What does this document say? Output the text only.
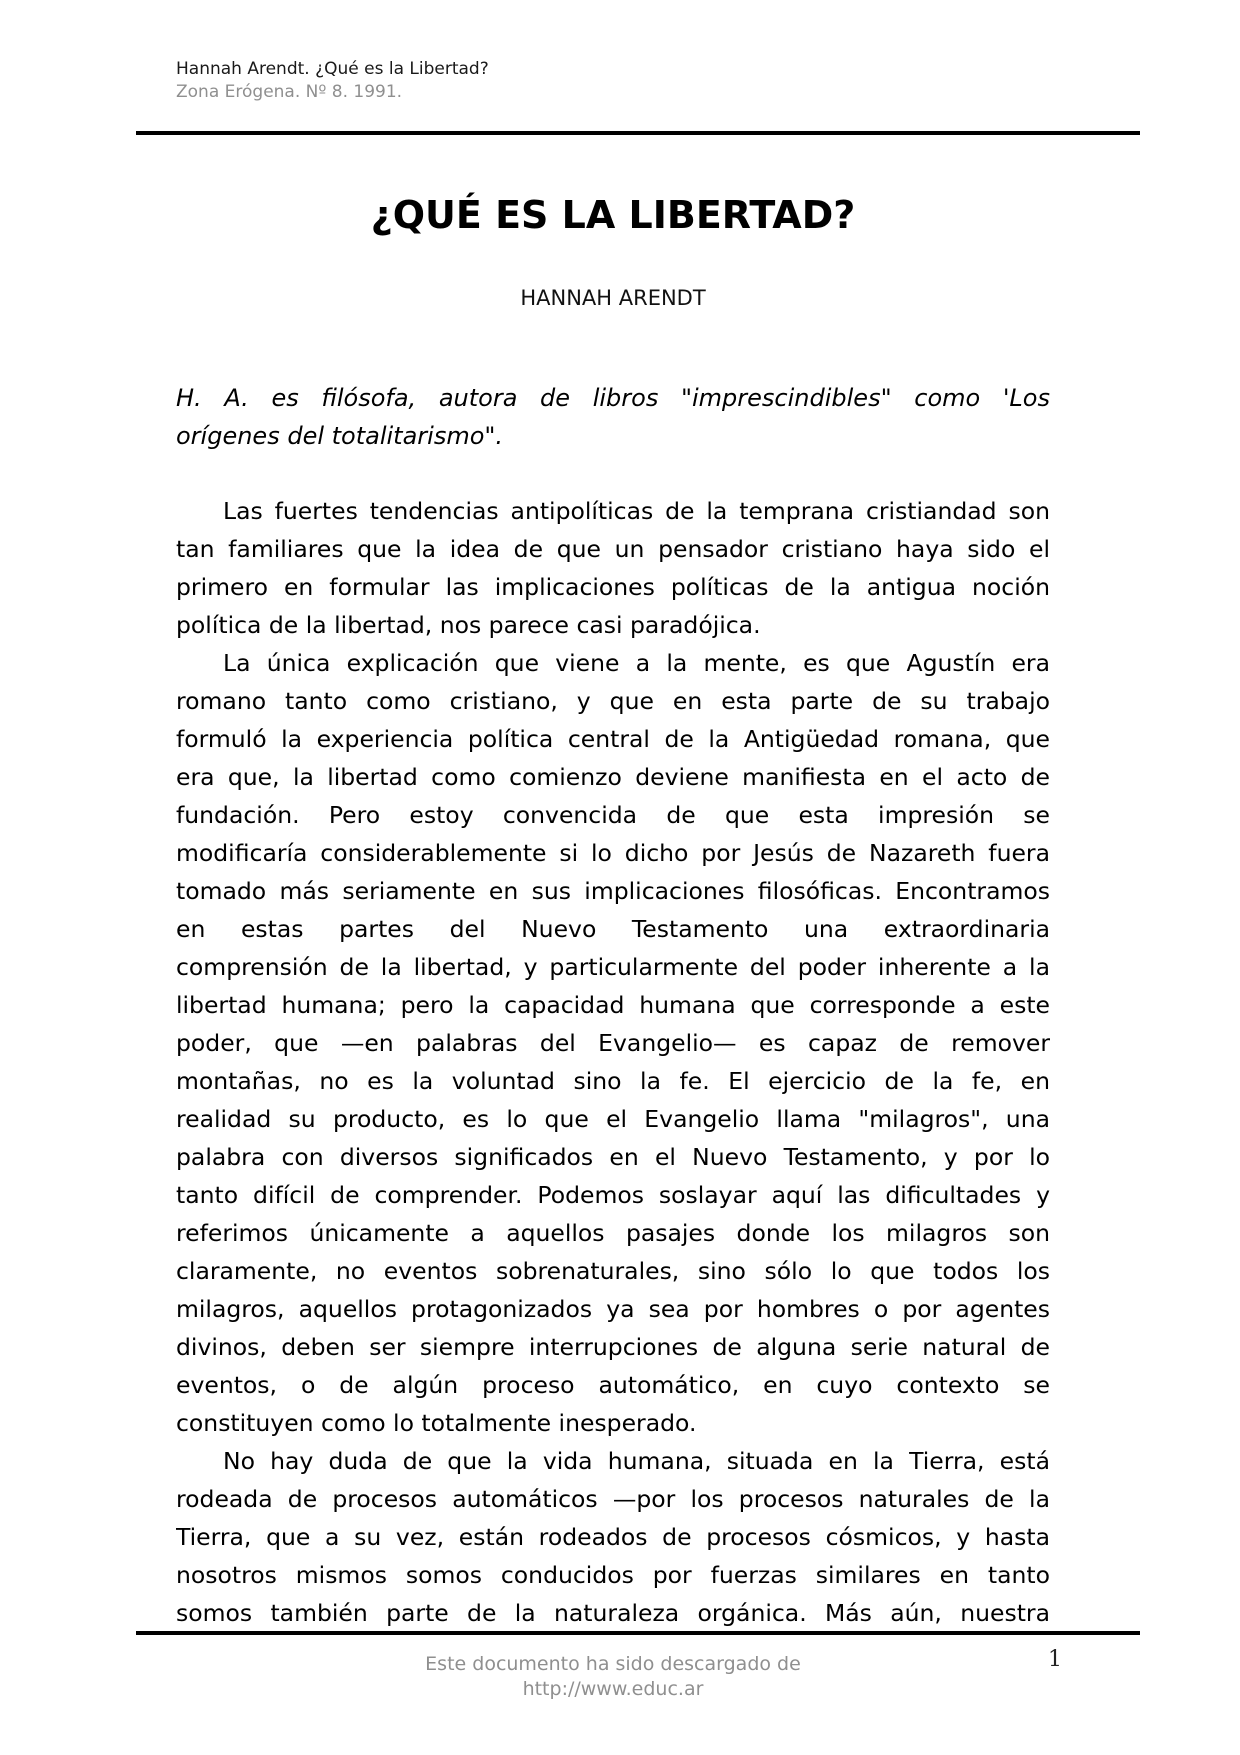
Hannah Arendt. ¿Qué es la Libertad?
Zona Erógena. Nº 8. 1991.
¿QUÉ ES LA LIBERTAD?
HANNAH ARENDT
H. A. es filósofa, autora de libros "imprescindibles" como 'Los
orígenes del totalitarismo".
Las fuertes tendencias antipolíticas de la temprana cristiandad son
tan familiares que la idea de que un pensador cristiano haya sido el
primero en formular las implicaciones políticas de la antigua noción
política de la libertad, nos parece casi paradójica.
La única explicación que viene a la mente, es que Agustín era
romano tanto como cristiano, y que en esta parte de su trabajo
formuló la experiencia política central de la Antigüedad romana, que
era que, la libertad como comienzo deviene manifiesta en el acto de
fundación. Pero estoy convencida de que esta impresión se
modificaría considerablemente si lo dicho por Jesús de Nazareth fuera
tomado más seriamente en sus implicaciones filosóficas. Encontramos
en estas partes del Nuevo Testamento una extraordinaria
comprensión de la libertad, y particularmente del poder inherente a la
libertad humana; pero la capacidad humana que corresponde a este
poder, que —en palabras del Evangelio— es capaz de remover
montañas, no es la voluntad sino la fe. El ejercicio de la fe, en
realidad su producto, es lo que el Evangelio llama "milagros", una
palabra con diversos significados en el Nuevo Testamento, y por lo
tanto difícil de comprender. Podemos soslayar aquí las dificultades y
referimos únicamente a aquellos pasajes donde los milagros son
claramente, no eventos sobrenaturales, sino sólo lo que todos los
milagros, aquellos protagonizados ya sea por hombres o por agentes
divinos, deben ser siempre interrupciones de alguna serie natural de
eventos, o de algún proceso automático, en cuyo contexto se
constituyen como lo totalmente inesperado.
No hay duda de que la vida humana, situada en la Tierra, está
rodeada de procesos automáticos —por los procesos naturales de la
Tierra, que a su vez, están rodeados de procesos cósmicos, y hasta
nosotros mismos somos conducidos por fuerzas similares en tanto
somos también parte de la naturaleza orgánica. Más aún, nuestra
Este documento ha sido descargado de
http://www.educ.ar
1
